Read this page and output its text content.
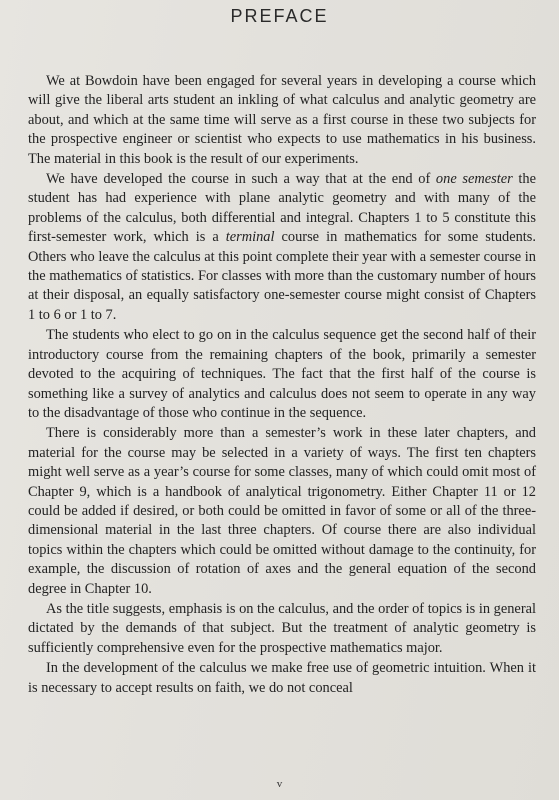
PREFACE

We at Bowdoin have been engaged for several years in developing a course which will give the liberal arts student an inkling of what calculus and analytic geometry are about, and which at the same time will serve as a first course in these two subjects for the prospective engineer or scientist who expects to use mathematics in his business. The material in this book is the result of our experiments.

We have developed the course in such a way that at the end of one semester the student has had experience with plane analytic geometry and with many of the problems of the calculus, both differential and integral. Chapters 1 to 5 constitute this first-semester work, which is a terminal course in mathematics for some students. Others who leave the calculus at this point complete their year with a semester course in the mathematics of statistics. For classes with more than the customary number of hours at their disposal, an equally satisfactory one-semester course might consist of Chapters 1 to 6 or 1 to 7.

The students who elect to go on in the calculus sequence get the second half of their introductory course from the remaining chapters of the book, primarily a semester devoted to the acquiring of techniques. The fact that the first half of the course is something like a survey of analytics and calculus does not seem to operate in any way to the disadvantage of those who continue in the sequence.

There is considerably more than a semester’s work in these later chapters, and material for the course may be selected in a variety of ways. The first ten chapters might well serve as a year’s course for some classes, many of which could omit most of Chapter 9, which is a handbook of analytical trigonometry. Either Chapter 11 or 12 could be added if desired, or both could be omitted in favor of some or all of the three-dimensional material in the last three chapters. Of course there are also individual topics within the chapters which could be omitted without damage to the continuity, for example, the discussion of rotation of axes and the general equation of the second degree in Chapter 10.

As the title suggests, emphasis is on the calculus, and the order of topics is in general dictated by the demands of that subject. But the treatment of analytic geometry is sufficiently comprehensive even for the prospective mathematics major.

In the development of the calculus we make free use of geometric intuition. When it is necessary to accept results on faith, we do not conceal

v
